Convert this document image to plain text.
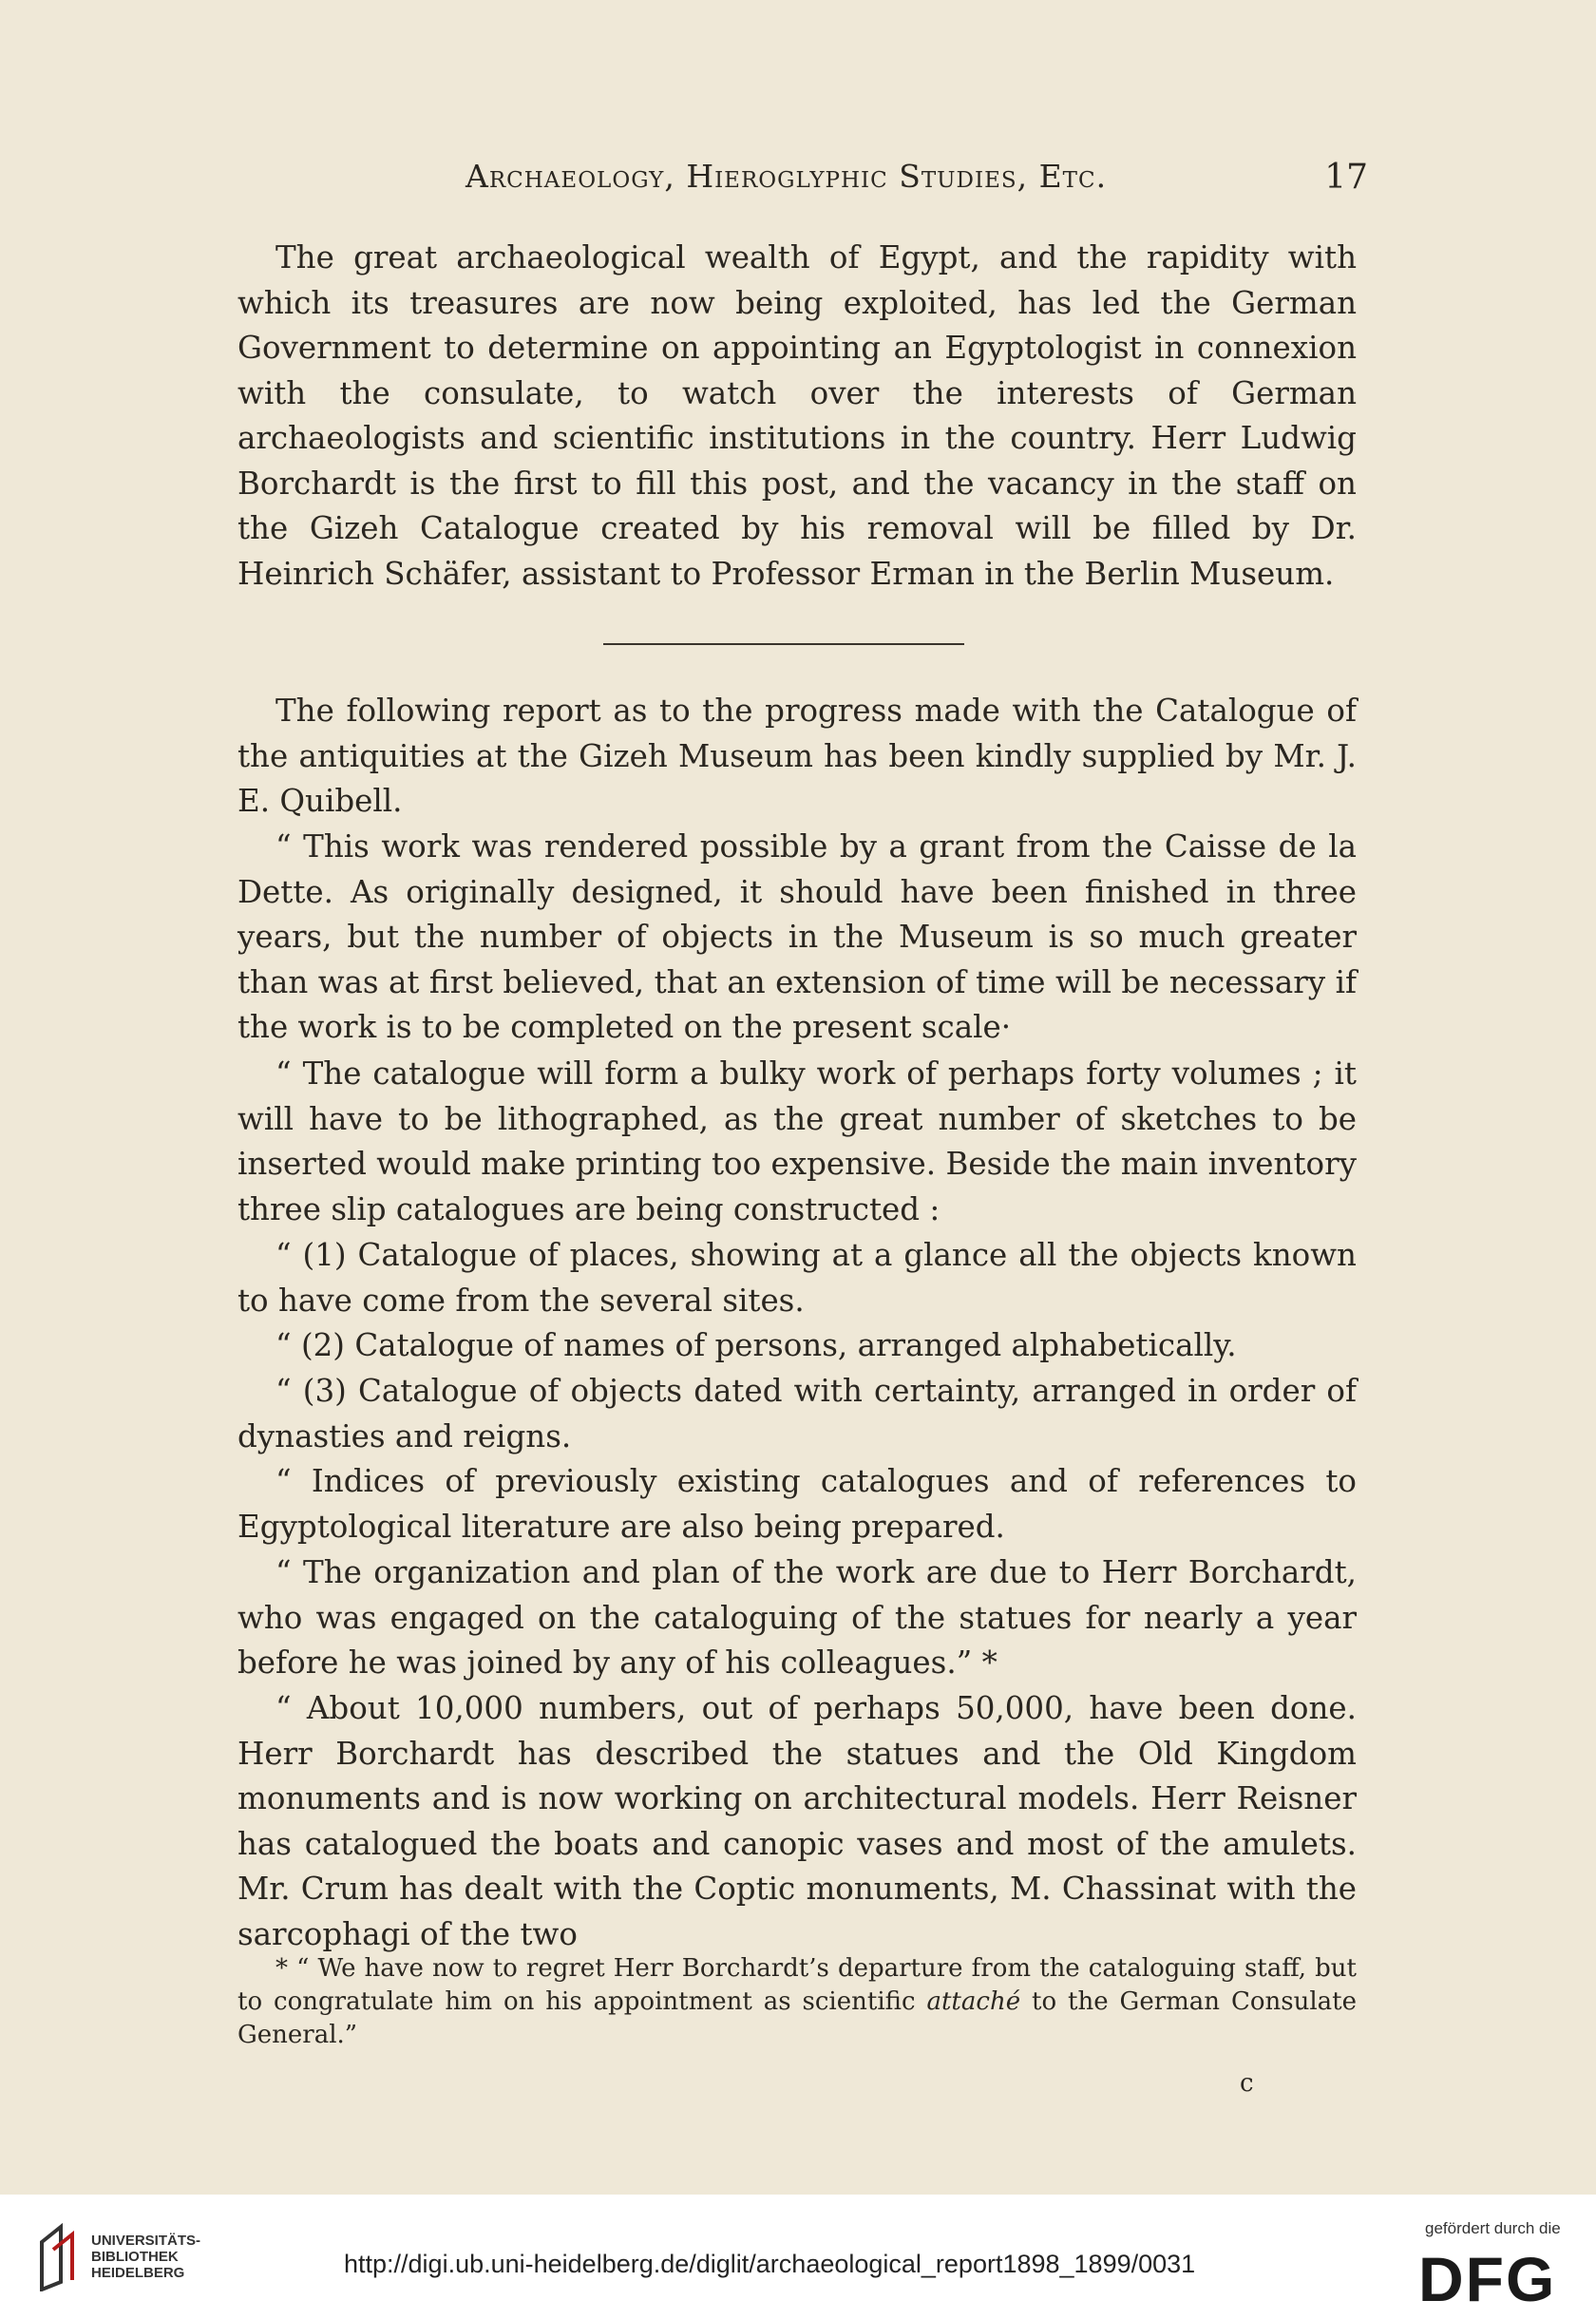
Archaeology, Hieroglyphic Studies, Etc.	17

The great archaeological wealth of Egypt, and the rapidity with which its treasures are now being exploited, has led the German Government to determine on appointing an Egyptologist in connexion with the consulate, to watch over the interests of German archaeologists and scientific institutions in the country. Herr Ludwig Borchardt is the first to fill this post, and the vacancy in the staff on the Gizeh Catalogue created by his removal will be filled by Dr. Heinrich Schäfer, assistant to Professor Erman in the Berlin Museum.

The following report as to the progress made with the Catalogue of the antiquities at the Gizeh Museum has been kindly supplied by Mr. J. E. Quibell.

“ This work was rendered possible by a grant from the Caisse de la Dette. As originally designed, it should have been finished in three years, but the number of objects in the Museum is so much greater than was at first believed, that an extension of time will be necessary if the work is to be completed on the present scale·

“ The catalogue will form a bulky work of perhaps forty volumes ; it will have to be lithographed, as the great number of sketches to be inserted would make printing too expensive. Beside the main inventory three slip catalogues are being constructed :

“ (1) Catalogue of places, showing at a glance all the objects known to have come from the several sites.

“ (2) Catalogue of names of persons, arranged alphabetically.

“ (3) Catalogue of objects dated with certainty, arranged in order of dynasties and reigns.

“ Indices of previously existing catalogues and of references to Egyptological literature are also being prepared.

“ The organization and plan of the work are due to Herr Borchardt, who was engaged on the cataloguing of the statues for nearly a year before he was joined by any of his colleagues.” *

“ About 10,000 numbers, out of perhaps 50,000, have been done. Herr Borchardt has described the statues and the Old Kingdom monuments and is now working on architectural models. Herr Reisner has catalogued the boats and canopic vases and most of the amulets. Mr. Crum has dealt with the Coptic monuments, M. Chassinat with the sarcophagi of the two

* “ We have now to regret Herr Borchardt’s departure from the cataloguing staff, but to congratulate him on his appointment as scientific attaché to the German Consulate General.”

c
UNIVERSITÄTS-
BIBLIOTHEK
HEIDELBERG	http://digi.ub.uni-heidelberg.de/diglit/archaeological_report1898_1899/0031
gefördert durch die
DFG
